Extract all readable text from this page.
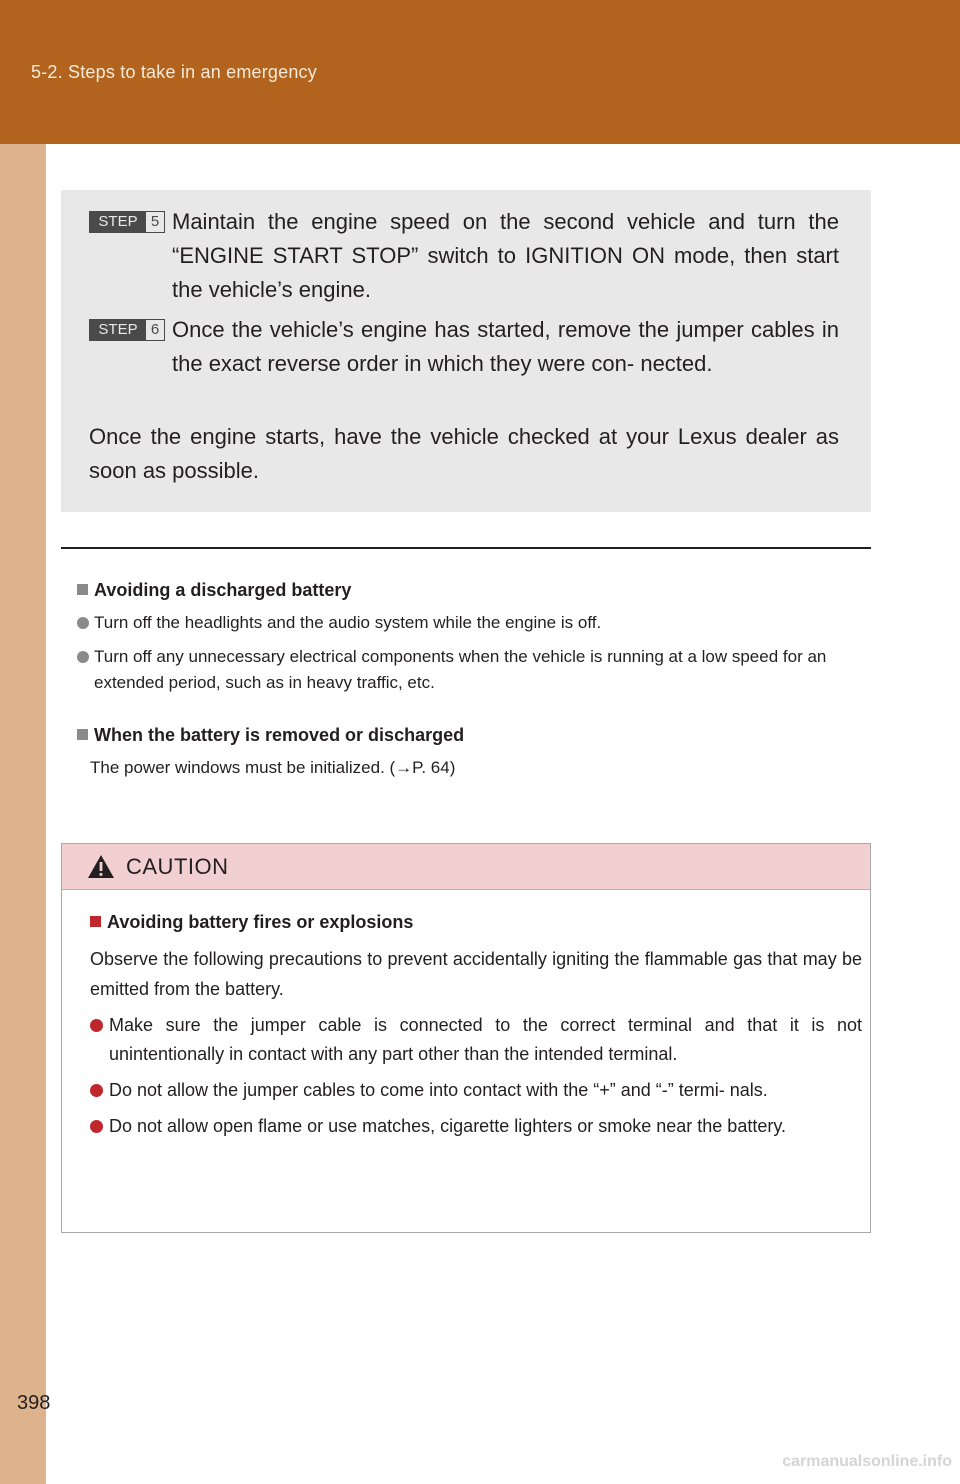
5-2. Steps to take in an emergency
398
carmanualsonline.info
STEP 5 Maintain the engine speed on the second vehicle and turn the “ENGINE START STOP” switch to IGNITION ON mode, then start the vehicle’s engine.
STEP 6 Once the vehicle’s engine has started, remove the jumper cables in the exact reverse order in which they were con- nected.
Once the engine starts, have the vehicle checked at your Lexus dealer as soon as possible.
Avoiding a discharged battery
Turn off the headlights and the audio system while the engine is off.
Turn off any unnecessary electrical components when the vehicle is running at a low speed for an extended period, such as in heavy traffic, etc.
When the battery is removed or discharged
The power windows must be initialized. (→P. 64)
CAUTION
Avoiding battery fires or explosions
Observe the following precautions to prevent accidentally igniting the flammable gas that may be emitted from the battery.
Make sure the jumper cable is connected to the correct terminal and that it is not unintentionally in contact with any part other than the intended terminal.
Do not allow the jumper cables to come into contact with the “+” and “-” termi- nals.
Do not allow open flame or use matches, cigarette lighters or smoke near the battery.
